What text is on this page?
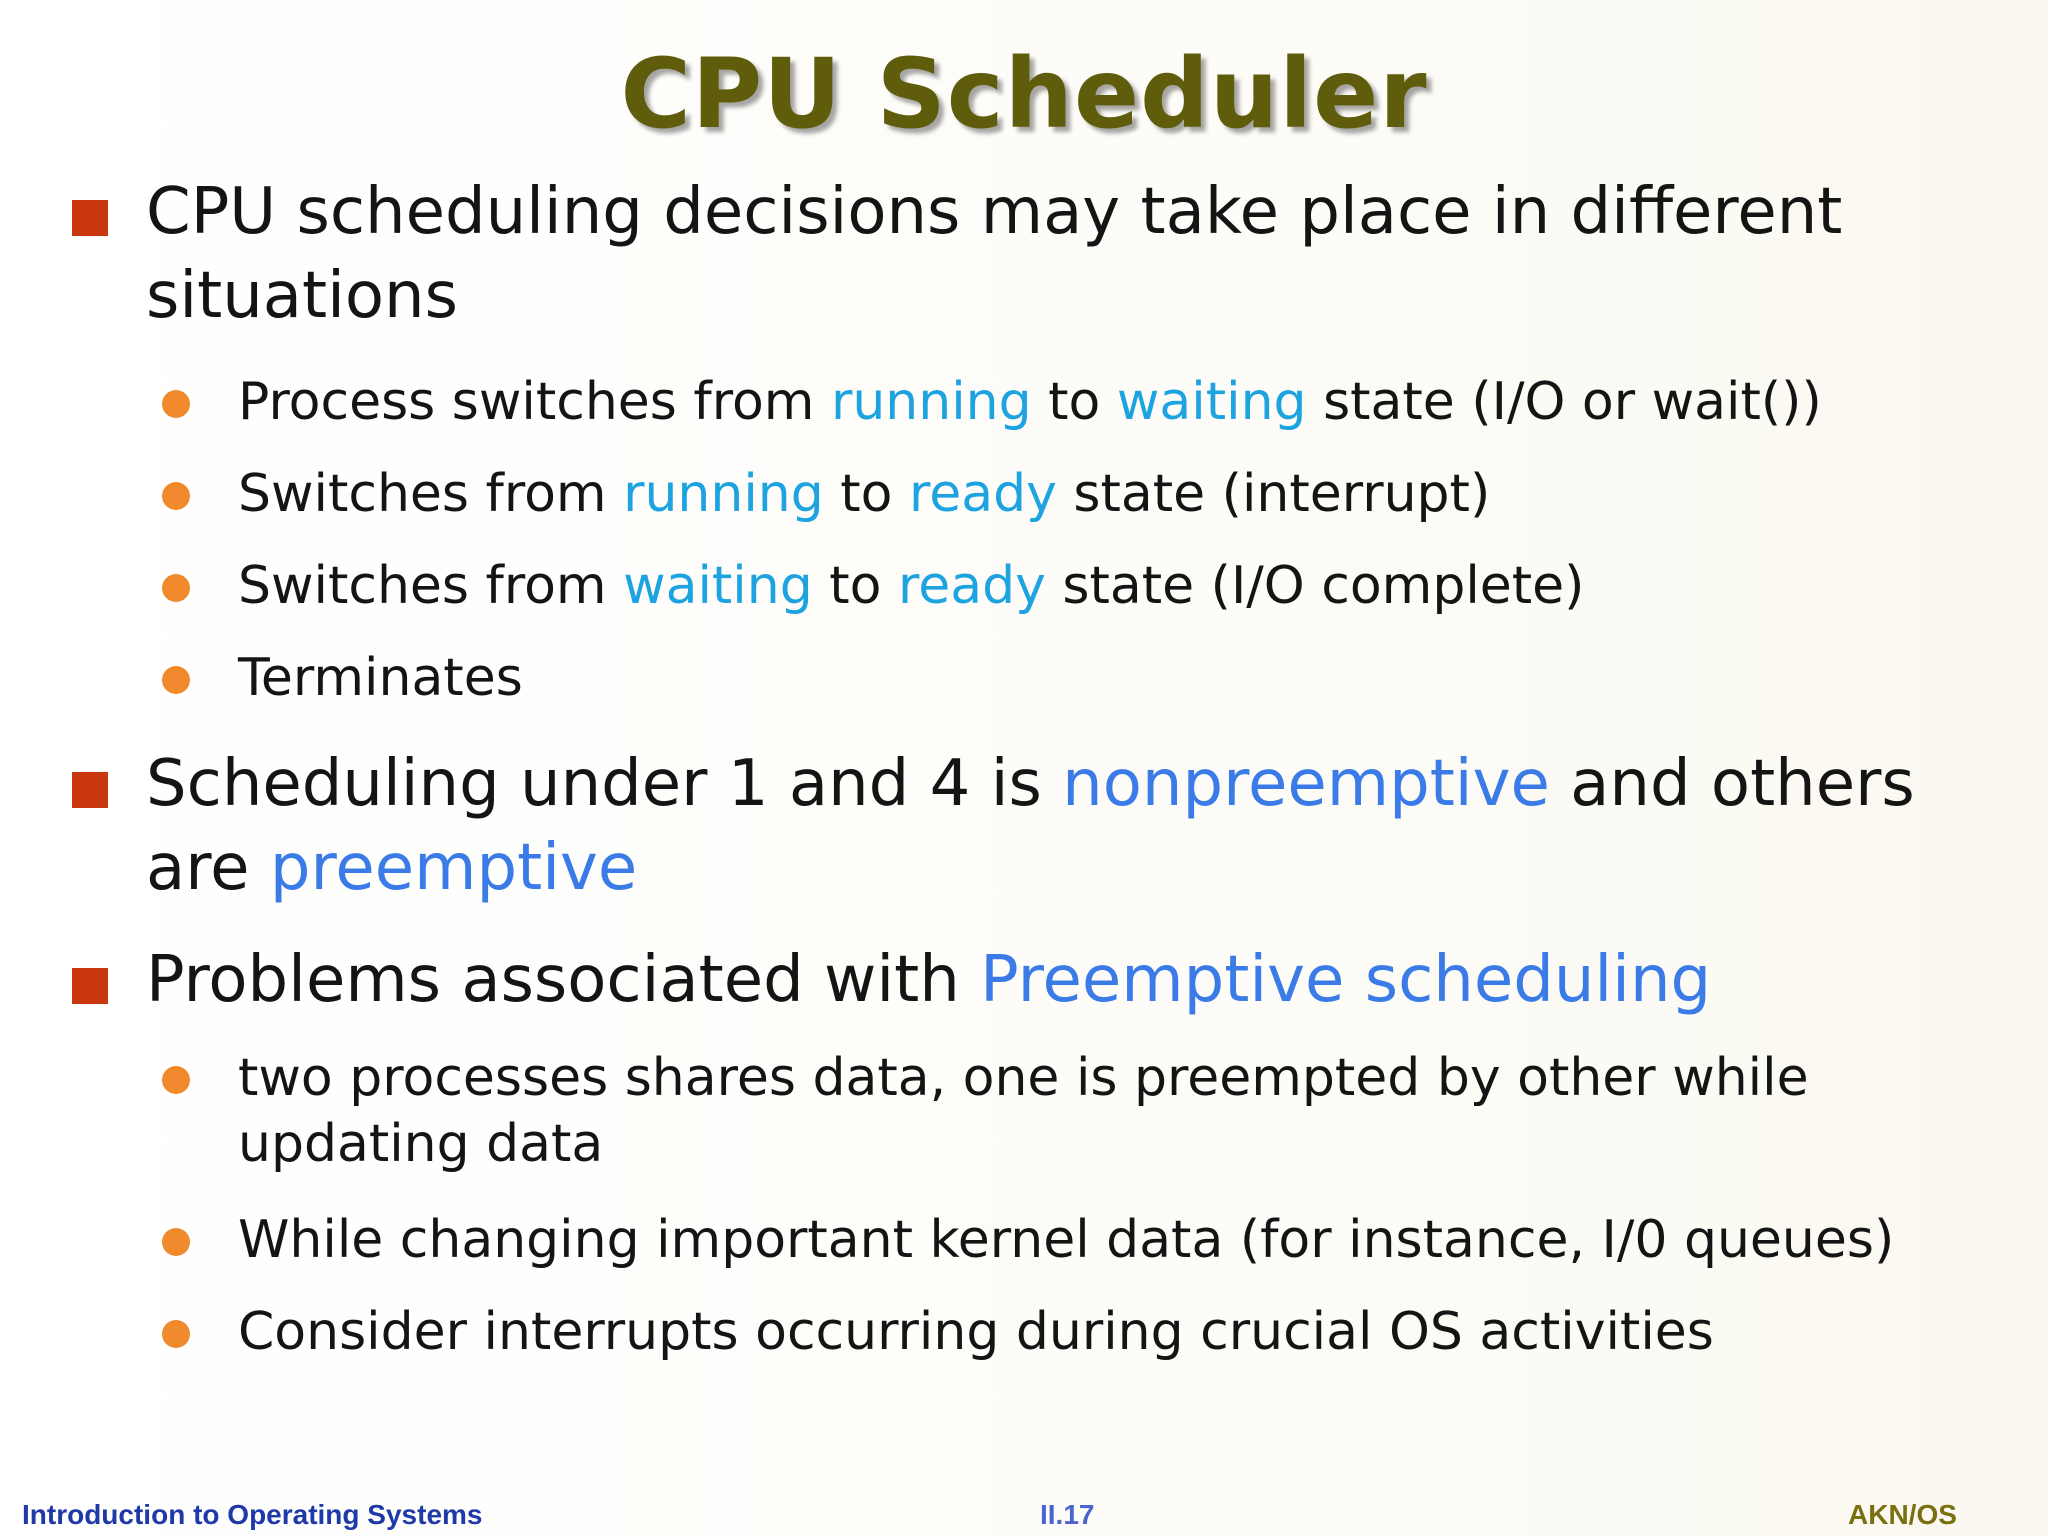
CPU Scheduler
CPU scheduling decisions may take place in different
situations
Process switches from running to waiting state (I/O or wait())
Switches from running to ready state (interrupt)
Switches from waiting to ready state (I/O complete)
Terminates
Scheduling under 1 and 4 is nonpreemptive and others
are preemptive
Problems associated with Preemptive scheduling
two processes shares data, one is preempted by other while
updating data
While changing important kernel data (for instance, I/0 queues)
Consider interrupts occurring during crucial OS activities
Introduction to Operating Systems	II.17	AKN/OS
